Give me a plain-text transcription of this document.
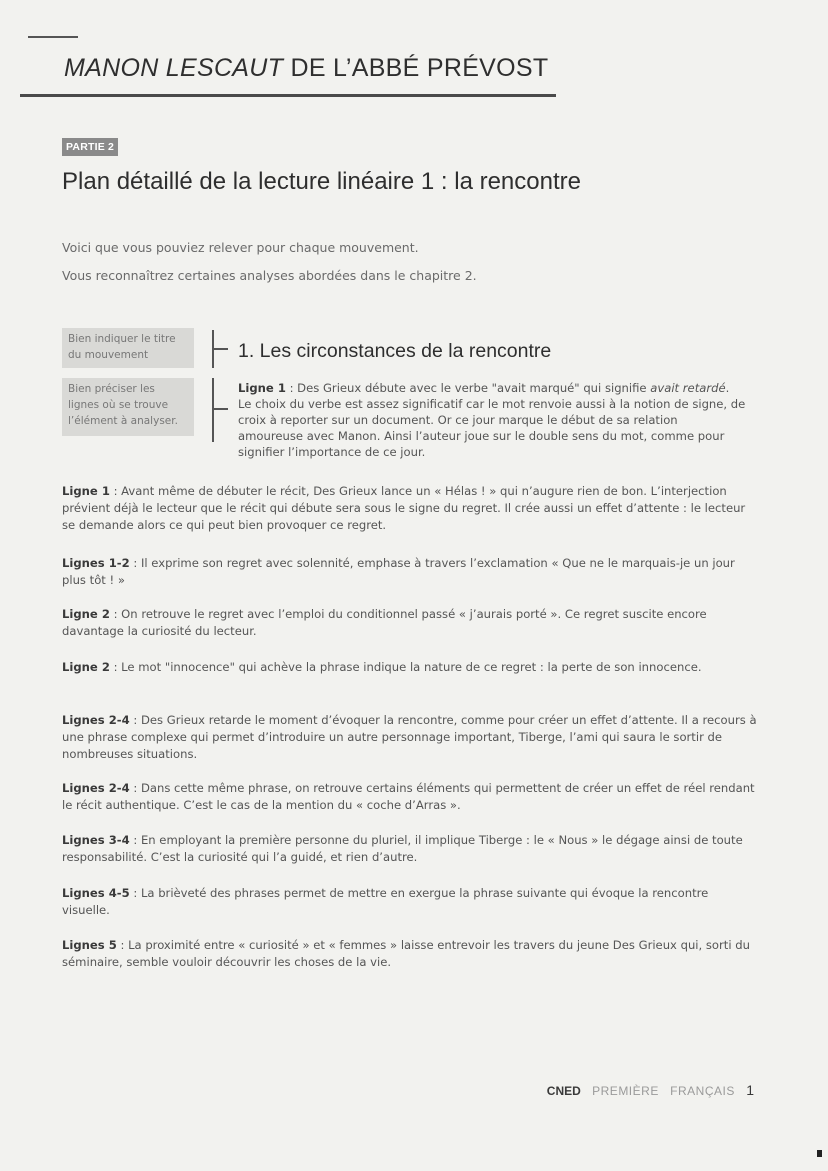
MANON LESCAUT DE L’ABBÉ PRÉVOST
PARTIE 2
Plan détaillé de la lecture linéaire 1 : la rencontre

Voici que vous pouviez relever pour chaque mouvement.

Vous reconnaîtrez certaines analyses abordées dans le chapitre 2.

Bien indiquer le titre du mouvement
Bien préciser les lignes où se trouve l’élément à analyser.
1. Les circonstances de la rencontre

Ligne 1 : Des Grieux débute avec le verbe "avait marqué" qui signifie avait retardé. Le choix du verbe est assez significatif car le mot renvoie aussi à la notion de signe, de croix à reporter sur un document. Or ce jour marque le début de sa relation amoureuse avec Manon. Ainsi l’auteur joue sur le double sens du mot, comme pour signifier l’importance de ce jour.

Ligne 1 : Avant même de débuter le récit, Des Grieux lance un « Hélas ! » qui n’augure rien de bon. L’interjection prévient déjà le lecteur que le récit qui débute sera sous le signe du regret. Il crée aussi un effet d’attente : le lecteur se demande alors ce qui peut bien provoquer ce regret.

Lignes 1-2 : Il exprime son regret avec solennité, emphase à travers l’exclamation « Que ne le marquais-je un jour plus tôt ! »

Ligne 2 : On retrouve le regret avec l’emploi du conditionnel passé « j’aurais porté ». Ce regret suscite encore davantage la curiosité du lecteur.

Ligne 2 : Le mot "innocence" qui achève la phrase indique la nature de ce regret : la perte de son innocence.

Lignes 2-4 : Des Grieux retarde le moment d’évoquer la rencontre, comme pour créer un effet d’attente. Il a recours à une phrase complexe qui permet d’introduire un autre personnage important, Tiberge, l’ami qui saura le sortir de nombreuses situations.

Lignes 2-4 : Dans cette même phrase, on retrouve certains éléments qui permettent de créer un effet de réel rendant le récit authentique. C’est le cas de la mention du « coche d’Arras ».

Lignes 3-4 : En employant la première personne du pluriel, il implique Tiberge : le « Nous » le dégage ainsi de toute responsabilité. C’est la curiosité qui l’a guidé, et rien d’autre.

Lignes 4-5 : La brièveté des phrases permet de mettre en exergue la phrase suivante qui évoque la rencontre visuelle.

Lignes 5 : La proximité entre « curiosité » et « femmes » laisse entrevoir les travers du jeune Des Grieux qui, sorti du séminaire, semble vouloir découvrir les choses de la vie.

CNED PREMIÈRE FRANÇAIS 1
